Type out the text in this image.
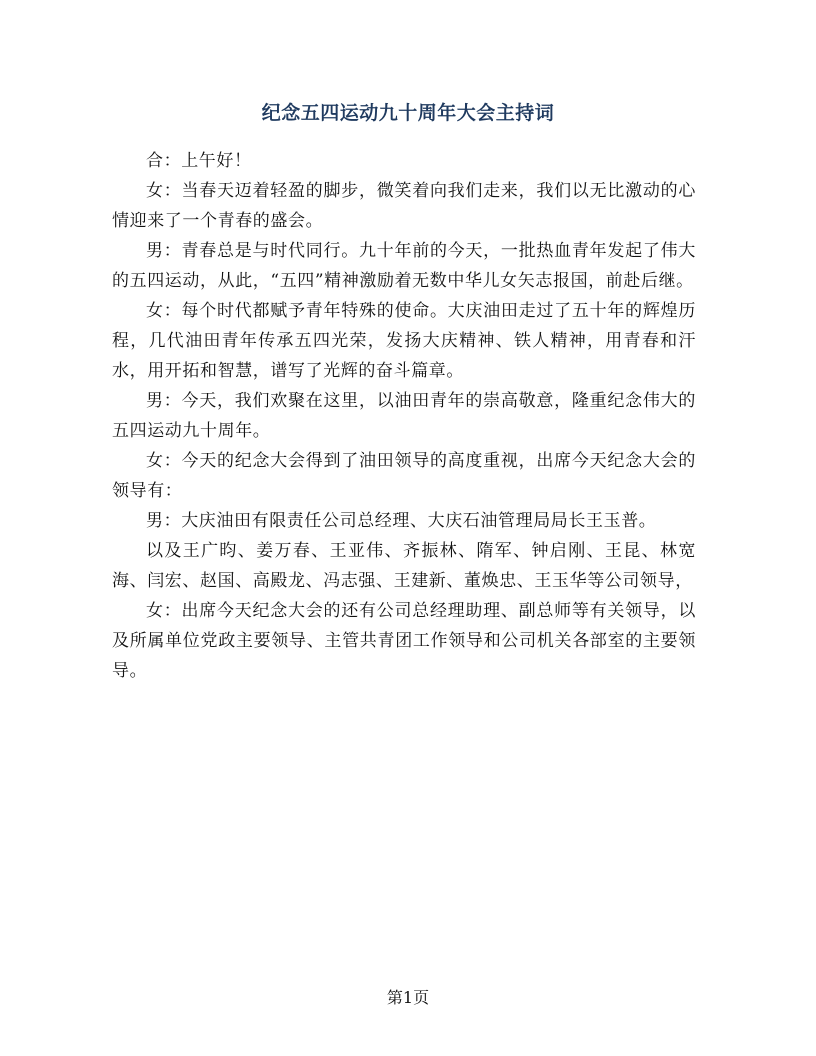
纪念五四运动九十周年大会主持词

合：上午好！

女：当春天迈着轻盈的脚步，微笑着向我们走来，我们以无比激动的心情迎来了一个青春的盛会。

男：青春总是与时代同行。九十年前的今天，一批热血青年发起了伟大的五四运动，从此，“五四”精神激励着无数中华儿女矢志报国，前赴后继。

女：每个时代都赋予青年特殊的使命。大庆油田走过了五十年的辉煌历程，几代油田青年传承五四光荣，发扬大庆精神、铁人精神，用青春和汗水，用开拓和智慧，谱写了光辉的奋斗篇章。

男：今天，我们欢聚在这里，以油田青年的崇高敬意，隆重纪念伟大的五四运动九十周年。

女：今天的纪念大会得到了油田领导的高度重视，出席今天纪念大会的领导有：

男：大庆油田有限责任公司总经理、大庆石油管理局局长王玉普。

以及王广昀、姜万春、王亚伟、齐振林、隋军、钟启刚、王昆、林宽海、闫宏、赵国、高殿龙、冯志强、王建新、董焕忠、王玉华等公司领导，

女：出席今天纪念大会的还有公司总经理助理、副总师等有关领导，以及所属单位党政主要领导、主管共青团工作领导和公司机关各部室的主要领导。

第1页
